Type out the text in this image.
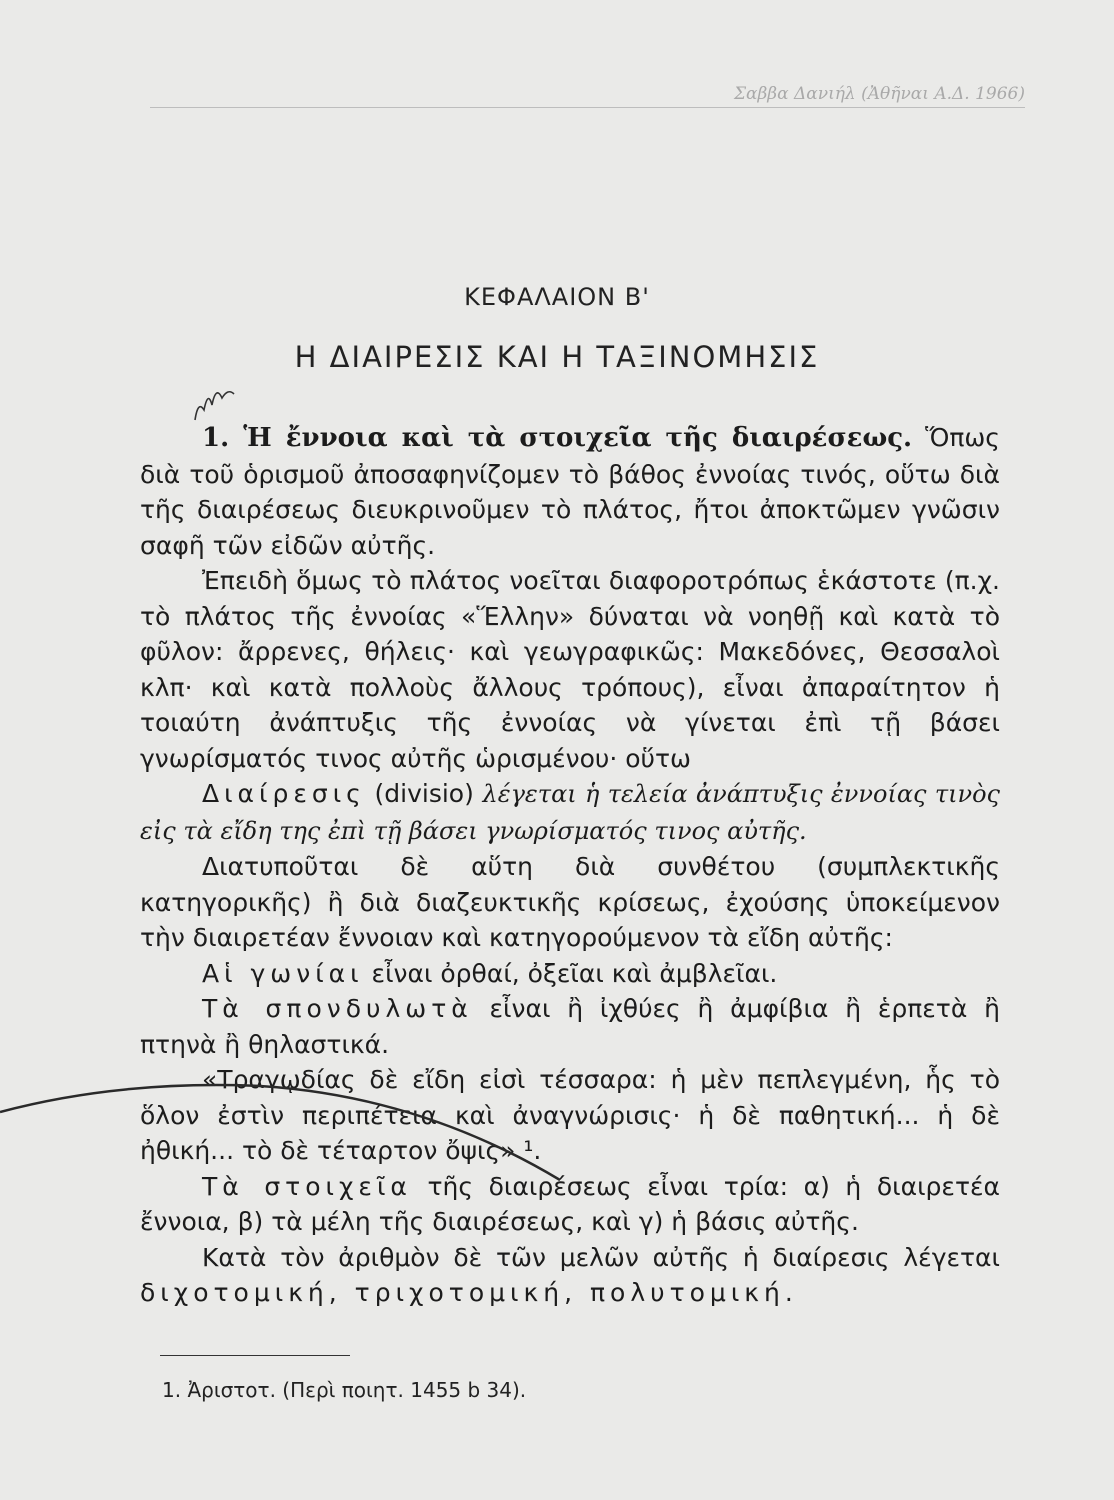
Σαββα Δανιήλ (Ἀθῆναι Α.Δ. 1966)
ΚΕΦΑΛΑΙΟΝ Β'
Η ΔΙΑΙΡΕΣΙΣ ΚΑΙ Η ΤΑΞΙΝΟΜΗΣΙΣ

1. Ἡ ἔννοια καὶ τὰ στοιχεῖα τῆς διαιρέσεως. Ὅπως διὰ τοῦ ὁρισμοῦ ἀποσαφηνίζομεν τὸ βάθος ἐννοίας τινός, οὕτω διὰ τῆς διαιρέσεως διευκρινοῦμεν τὸ πλάτος, ἤτοι ἀποκτῶμεν γνῶσιν σαφῆ τῶν εἰδῶν αὐτῆς.

Ἐπειδὴ ὅμως τὸ πλάτος νοεῖται διαφοροτρόπως ἑκάστοτε (π.χ. τὸ πλάτος τῆς ἐννοίας «Ἕλλην» δύναται νὰ νοηθῇ καὶ κατὰ τὸ φῦλον: ἄρρενες, θήλεις· καὶ γεωγραφικῶς: Μακεδόνες, Θεσσαλοὶ κλπ· καὶ κατὰ πολλοὺς ἄλλους τρόπους), εἶναι ἀπαραίτητον ἡ τοιαύτη ἀνάπτυξις τῆς ἐννοίας νὰ γίνεται ἐπὶ τῇ βάσει γνωρίσματός τινος αὐτῆς ὡρισμένου· οὕτω

Διαίρεσις (divisio) λέγεται ἡ τελεία ἀνάπτυξις ἐννοίας τινὸς εἰς τὰ εἴδη της ἐπὶ τῇ βάσει γνωρίσματός τινος αὐτῆς.

Διατυποῦται δὲ αὕτη διὰ συνθέτου (συμπλεκτικῆς κατηγορικῆς) ἢ διὰ διαζευκτικῆς κρίσεως, ἐχούσης ὑποκείμενον τὴν διαιρετέαν ἔννοιαν καὶ κατηγορούμενον τὰ εἴδη αὐτῆς:

Αἱ γωνίαι εἶναι ὀρθαί, ὀξεῖαι καὶ ἀμβλεῖαι.

Τὰ σπονδυλωτὰ εἶναι ἢ ἰχθύες ἢ ἀμφίβια ἢ ἑρπετὰ ἢ πτηνὰ ἢ θηλαστικά.

«Τραγῳδίας δὲ εἴδη εἰσὶ τέσσαρα: ἡ μὲν πεπλεγμένη, ἧς τὸ ὅλον ἐστὶν περιπέτεια καὶ ἀναγνώρισις· ἡ δὲ παθητική... ἡ δὲ ἠθική... τὸ δὲ τέταρτον ὄψις» ¹.

Τὰ στοιχεῖα τῆς διαιρέσεως εἶναι τρία: α) ἡ διαιρετέα ἔννοια, β) τὰ μέλη τῆς διαιρέσεως, καὶ γ) ἡ βάσις αὐτῆς.

Κατὰ τὸν ἀριθμὸν δὲ τῶν μελῶν αὐτῆς ἡ διαίρεσις λέγεται διχοτομική, τριχοτομική, πολυτομική.

1. Ἀριστοτ. (Περὶ ποιητ. 1455 b 34).
